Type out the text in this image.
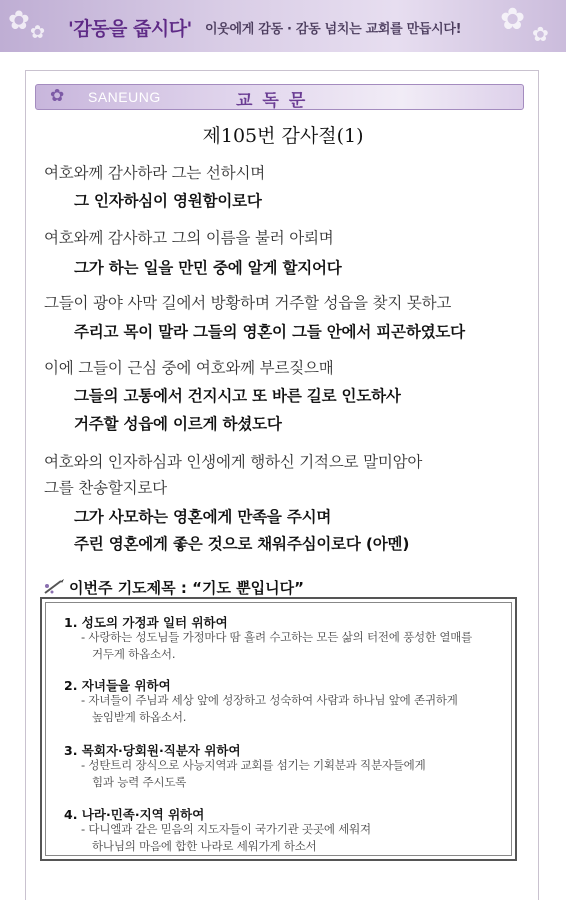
✿ ✿	✿ ✿
'감동을 줍시다' 이웃에게 감동 · 감동 넘치는 교회를 만듭시다!
✿ SANEUNG	교독문
제105번 감사절(1)
여호와께 감사하라 그는 선하시며
그 인자하심이 영원함이로다
여호와께 감사하고 그의 이름을 불러 아뢰며
그가 하는 일을 만민 중에 알게 할지어다
그들이 광야 사막 길에서 방황하며 거주할 성읍을 찾지 못하고
주리고 목이 말라 그들의 영혼이 그들 안에서 피곤하였도다
이에 그들이 근심 중에 여호와께 부르짖으매
그들의 고통에서 건지시고 또 바른 길로 인도하사
거주할 성읍에 이르게 하셨도다
여호와의 인자하심과 인생에게 행하신 기적으로 말미암아
그를 찬송할지로다
그가 사모하는 영혼에게 만족을 주시며
주린 영혼에게 좋은 것으로 채워주심이로다 (아멘)
이번주 기도제목 : “기도 뿐입니다”
1. 성도의 가정과 일터 위하여
- 사랑하는 성도님들 가정마다 땀 흘려 수고하는 모든 삶의 터전에 풍성한 열매를
거두게 하옵소서.
2. 자녀들을 위하여
- 자녀들이 주님과 세상 앞에 성장하고 성숙하여 사람과 하나님 앞에 존귀하게
높임받게 하옵소서.
3. 목회자·당회원·직분자 위하여
- 성탄트리 장식으로 사능지역과 교회를 섬기는 기획분과 직분자들에게
힘과 능력 주시도록
4. 나라·민족·지역 위하여
- 다니엘과 같은 믿음의 지도자들이 국가기관 곳곳에 세워져
하나님의 마음에 합한 나라로 세워가게 하소서
